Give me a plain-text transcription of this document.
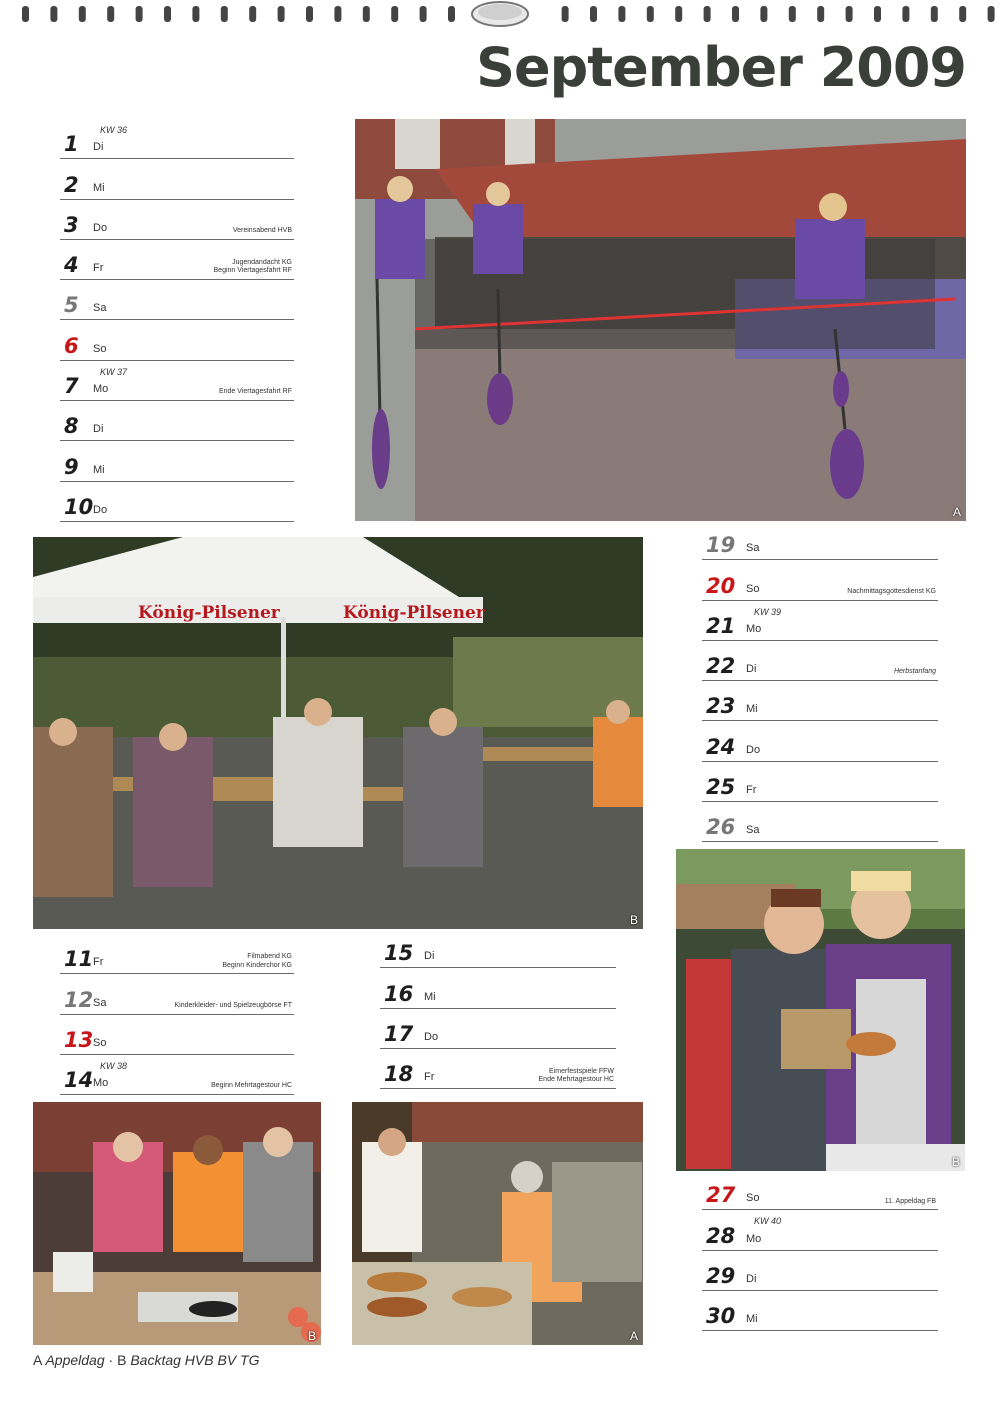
September 2009
A
1 Di
KW 36
2 Mi
3 Do	Vereinsabend HVB
4 Fr	Jugendandacht KG
Beginn Viertagesfahrt RF
5 Sa
6 So
7 Mo
KW 37
Ende Viertagesfahrt RF
8 Di
9 Mi
10 Do
König-Pilsener	König-Pilsener
B
11 Fr	Filmabend KG
Beginn Kinderchor KG
12 Sa	Kinderkleider- und Spielzeugbörse FT
13 So
14 Mo
KW 38
Beginn Mehrtagestour HC
15 Di
16 Mi
17 Do
18 Fr	Eimerfestspiele FFW
Ende Mehrtagestour HC
19 Sa
20 So	Nachmittagsgottesdienst KG
21 Mo
KW 39
22 Di	Herbstanfang
23 Mi
24 Do
25 Fr
26 Sa
B	A
B
27 So	11. Appeldag FB
28 Mo
KW 40
29 Di
30 Mi
A Appeldag · B Backtag HVB BV TG
